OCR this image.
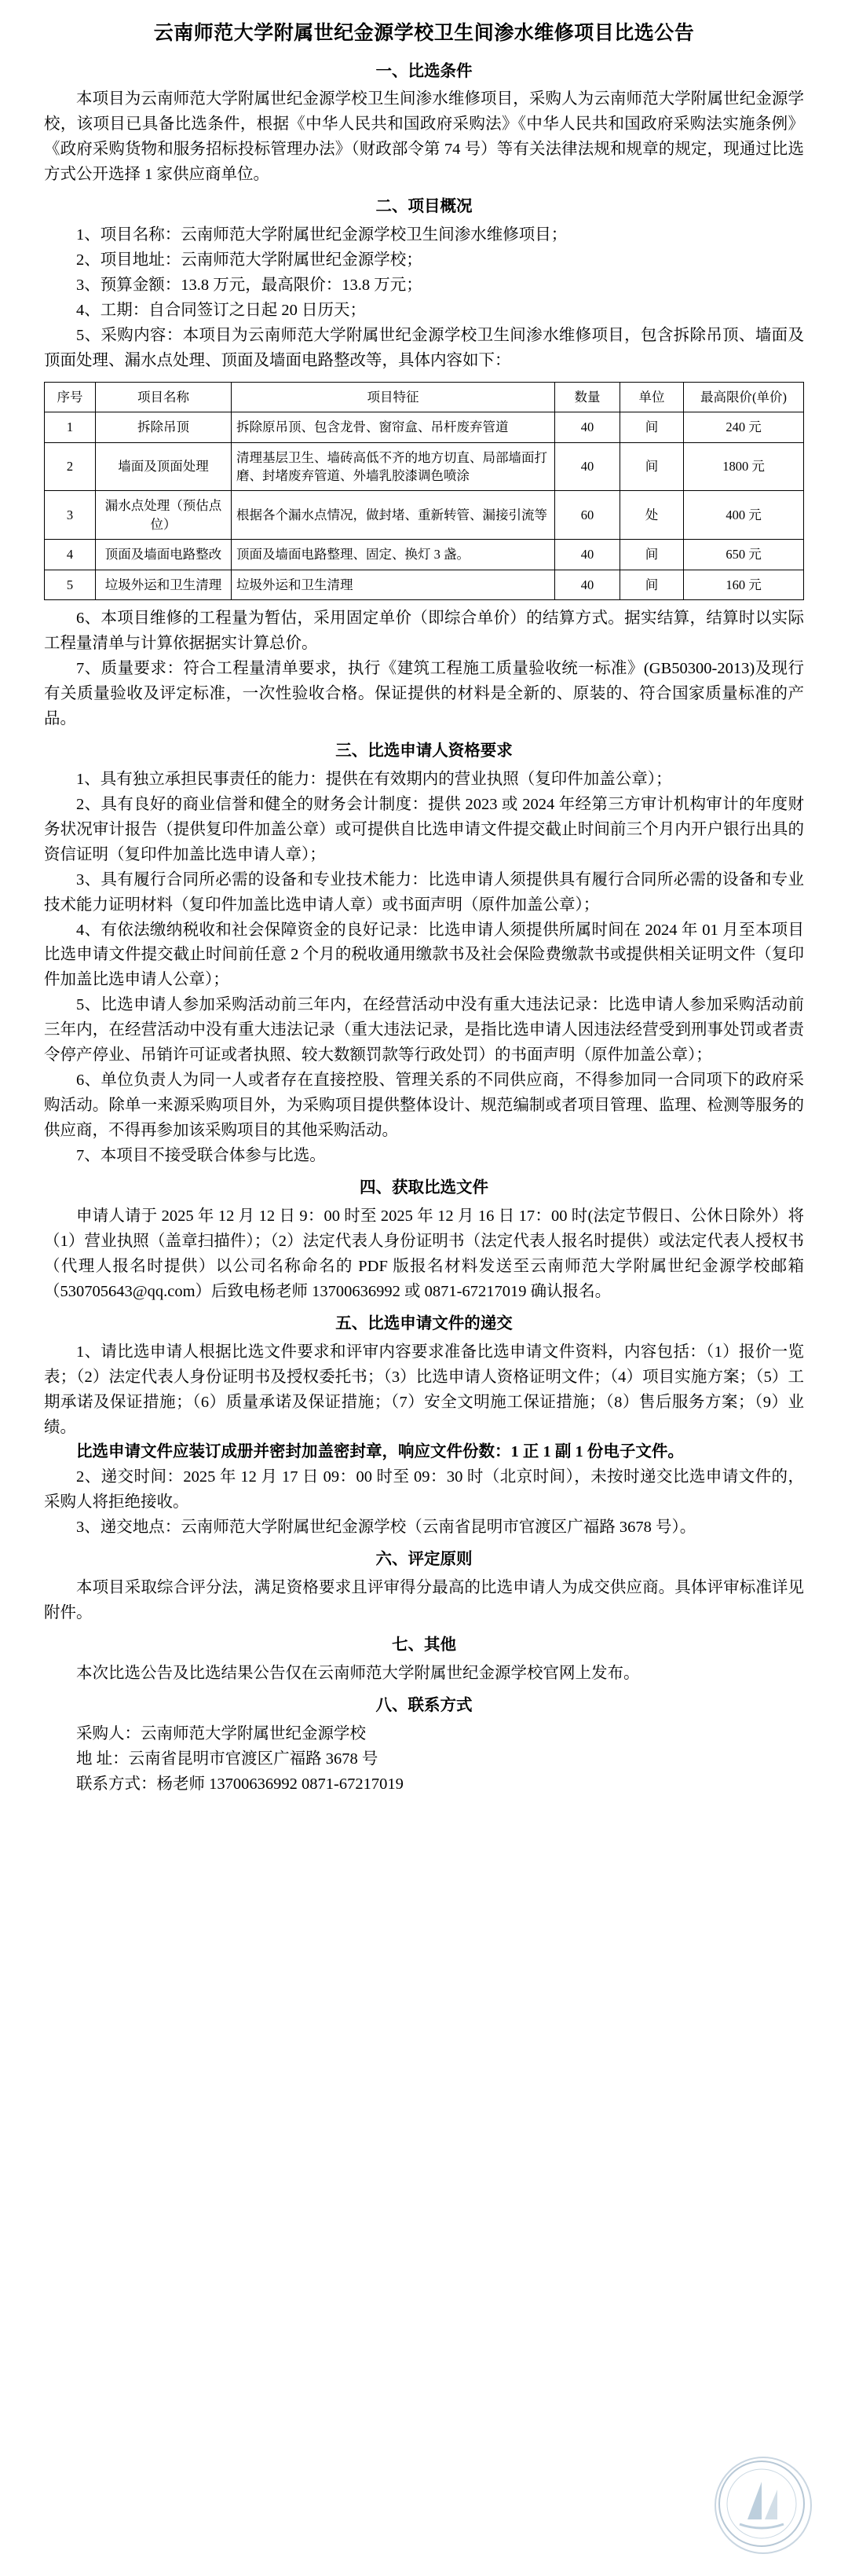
云南师范大学附属世纪金源学校卫生间渗水维修项目比选公告
一、比选条件

本项目为云南师范大学附属世纪金源学校卫生间渗水维修项目，采购人为云南师范大学附属世纪金源学校，该项目已具备比选条件，根据《中华人民共和国政府采购法》《中华人民共和国政府采购法实施条例》《政府采购货物和服务招标投标管理办法》（财政部令第 74 号）等有关法律法规和规章的规定，现通过比选方式公开选择 1 家供应商单位。

二、项目概况

1、项目名称：云南师范大学附属世纪金源学校卫生间渗水维修项目；

2、项目地址：云南师范大学附属世纪金源学校；

3、预算金额：13.8 万元，最高限价：13.8 万元；

4、工期：自合同签订之日起 20 日历天；

5、采购内容：本项目为云南师范大学附属世纪金源学校卫生间渗水维修项目，包含拆除吊顶、墙面及顶面处理、漏水点处理、顶面及墙面电路整改等，具体内容如下：

序号	项目名称	项目特征	数量	单位	最高限价(单价)
1	拆除吊顶	拆除原吊顶、包含龙骨、窗帘盒、吊杆废弃管道	40	间	240 元
2	墙面及顶面处理	清理基层卫生、墙砖高低不齐的地方切直、局部墙面打磨、封堵废弃管道、外墙乳胶漆调色喷涂	40	间	1800 元
3	漏水点处理（预估点位）	根据各个漏水点情况，做封堵、重新转管、漏接引流等	60	处	400 元
4	顶面及墙面电路整改	顶面及墙面电路整理、固定、换灯 3 盏。	40	间	650 元
5	垃圾外运和卫生清理	垃圾外运和卫生清理	40	间	160 元

6、本项目维修的工程量为暂估，采用固定单价（即综合单价）的结算方式。据实结算，结算时以实际工程量清单与计算依据据实计算总价。

7、质量要求：符合工程量清单要求，执行《建筑工程施工质量验收统一标准》(GB50300-2013)及现行有关质量验收及评定标准，一次性验收合格。保证提供的材料是全新的、原装的、符合国家质量标准的产品。

三、比选申请人资格要求

1、具有独立承担民事责任的能力：提供在有效期内的营业执照（复印件加盖公章）；

2、具有良好的商业信誉和健全的财务会计制度：提供 2023 或 2024 年经第三方审计机构审计的年度财务状况审计报告（提供复印件加盖公章）或可提供自比选申请文件提交截止时间前三个月内开户银行出具的资信证明（复印件加盖比选申请人章）；

3、具有履行合同所必需的设备和专业技术能力：比选申请人须提供具有履行合同所必需的设备和专业技术能力证明材料（复印件加盖比选申请人章）或书面声明（原件加盖公章）；

4、有依法缴纳税收和社会保障资金的良好记录：比选申请人须提供所属时间在 2024 年 01 月至本项目比选申请文件提交截止时间前任意 2 个月的税收通用缴款书及社会保险费缴款书或提供相关证明文件（复印件加盖比选申请人公章）；

5、比选申请人参加采购活动前三年内，在经营活动中没有重大违法记录：比选申请人参加采购活动前三年内，在经营活动中没有重大违法记录（重大违法记录，是指比选申请人因违法经营受到刑事处罚或者责令停产停业、吊销许可证或者执照、较大数额罚款等行政处罚）的书面声明（原件加盖公章）；

6、单位负责人为同一人或者存在直接控股、管理关系的不同供应商，不得参加同一合同项下的政府采购活动。除单一来源采购项目外，为采购项目提供整体设计、规范编制或者项目管理、监理、检测等服务的供应商，不得再参加该采购项目的其他采购活动。

7、本项目不接受联合体参与比选。

四、获取比选文件

申请人请于 2025 年 12 月 12 日 9：00 时至 2025 年 12 月 16 日 17：00 时(法定节假日、公休日除外）将（1）营业执照（盖章扫描件）；（2）法定代表人身份证明书（法定代表人报名时提供）或法定代表人授权书（代理人报名时提供）以公司名称命名的 PDF 版报名材料发送至云南师范大学附属世纪金源学校邮箱（530705643@qq.com）后致电杨老师 13700636992 或 0871-67217019 确认报名。

五、比选申请文件的递交

1、请比选申请人根据比选文件要求和评审内容要求准备比选申请文件资料，内容包括：（1）报价一览表；（2）法定代表人身份证明书及授权委托书；（3）比选申请人资格证明文件；（4）项目实施方案；（5）工期承诺及保证措施；（6）质量承诺及保证措施；（7）安全文明施工保证措施；（8）售后服务方案；（9）业绩。

比选申请文件应装订成册并密封加盖密封章，响应文件份数：1 正 1 副 1 份电子文件。

2、递交时间：2025 年 12 月 17 日 09：00 时至 09：30 时（北京时间），未按时递交比选申请文件的，采购人将拒绝接收。

3、递交地点：云南师范大学附属世纪金源学校（云南省昆明市官渡区广福路 3678 号）。

六、评定原则

本项目采取综合评分法，满足资格要求且评审得分最高的比选申请人为成交供应商。具体评审标准详见附件。

七、其他

本次比选公告及比选结果公告仅在云南师范大学附属世纪金源学校官网上发布。

八、联系方式

采购人：云南师范大学附属世纪金源学校

地 址：云南省昆明市官渡区广福路 3678 号

联系方式：杨老师 13700636992 0871-67217019
